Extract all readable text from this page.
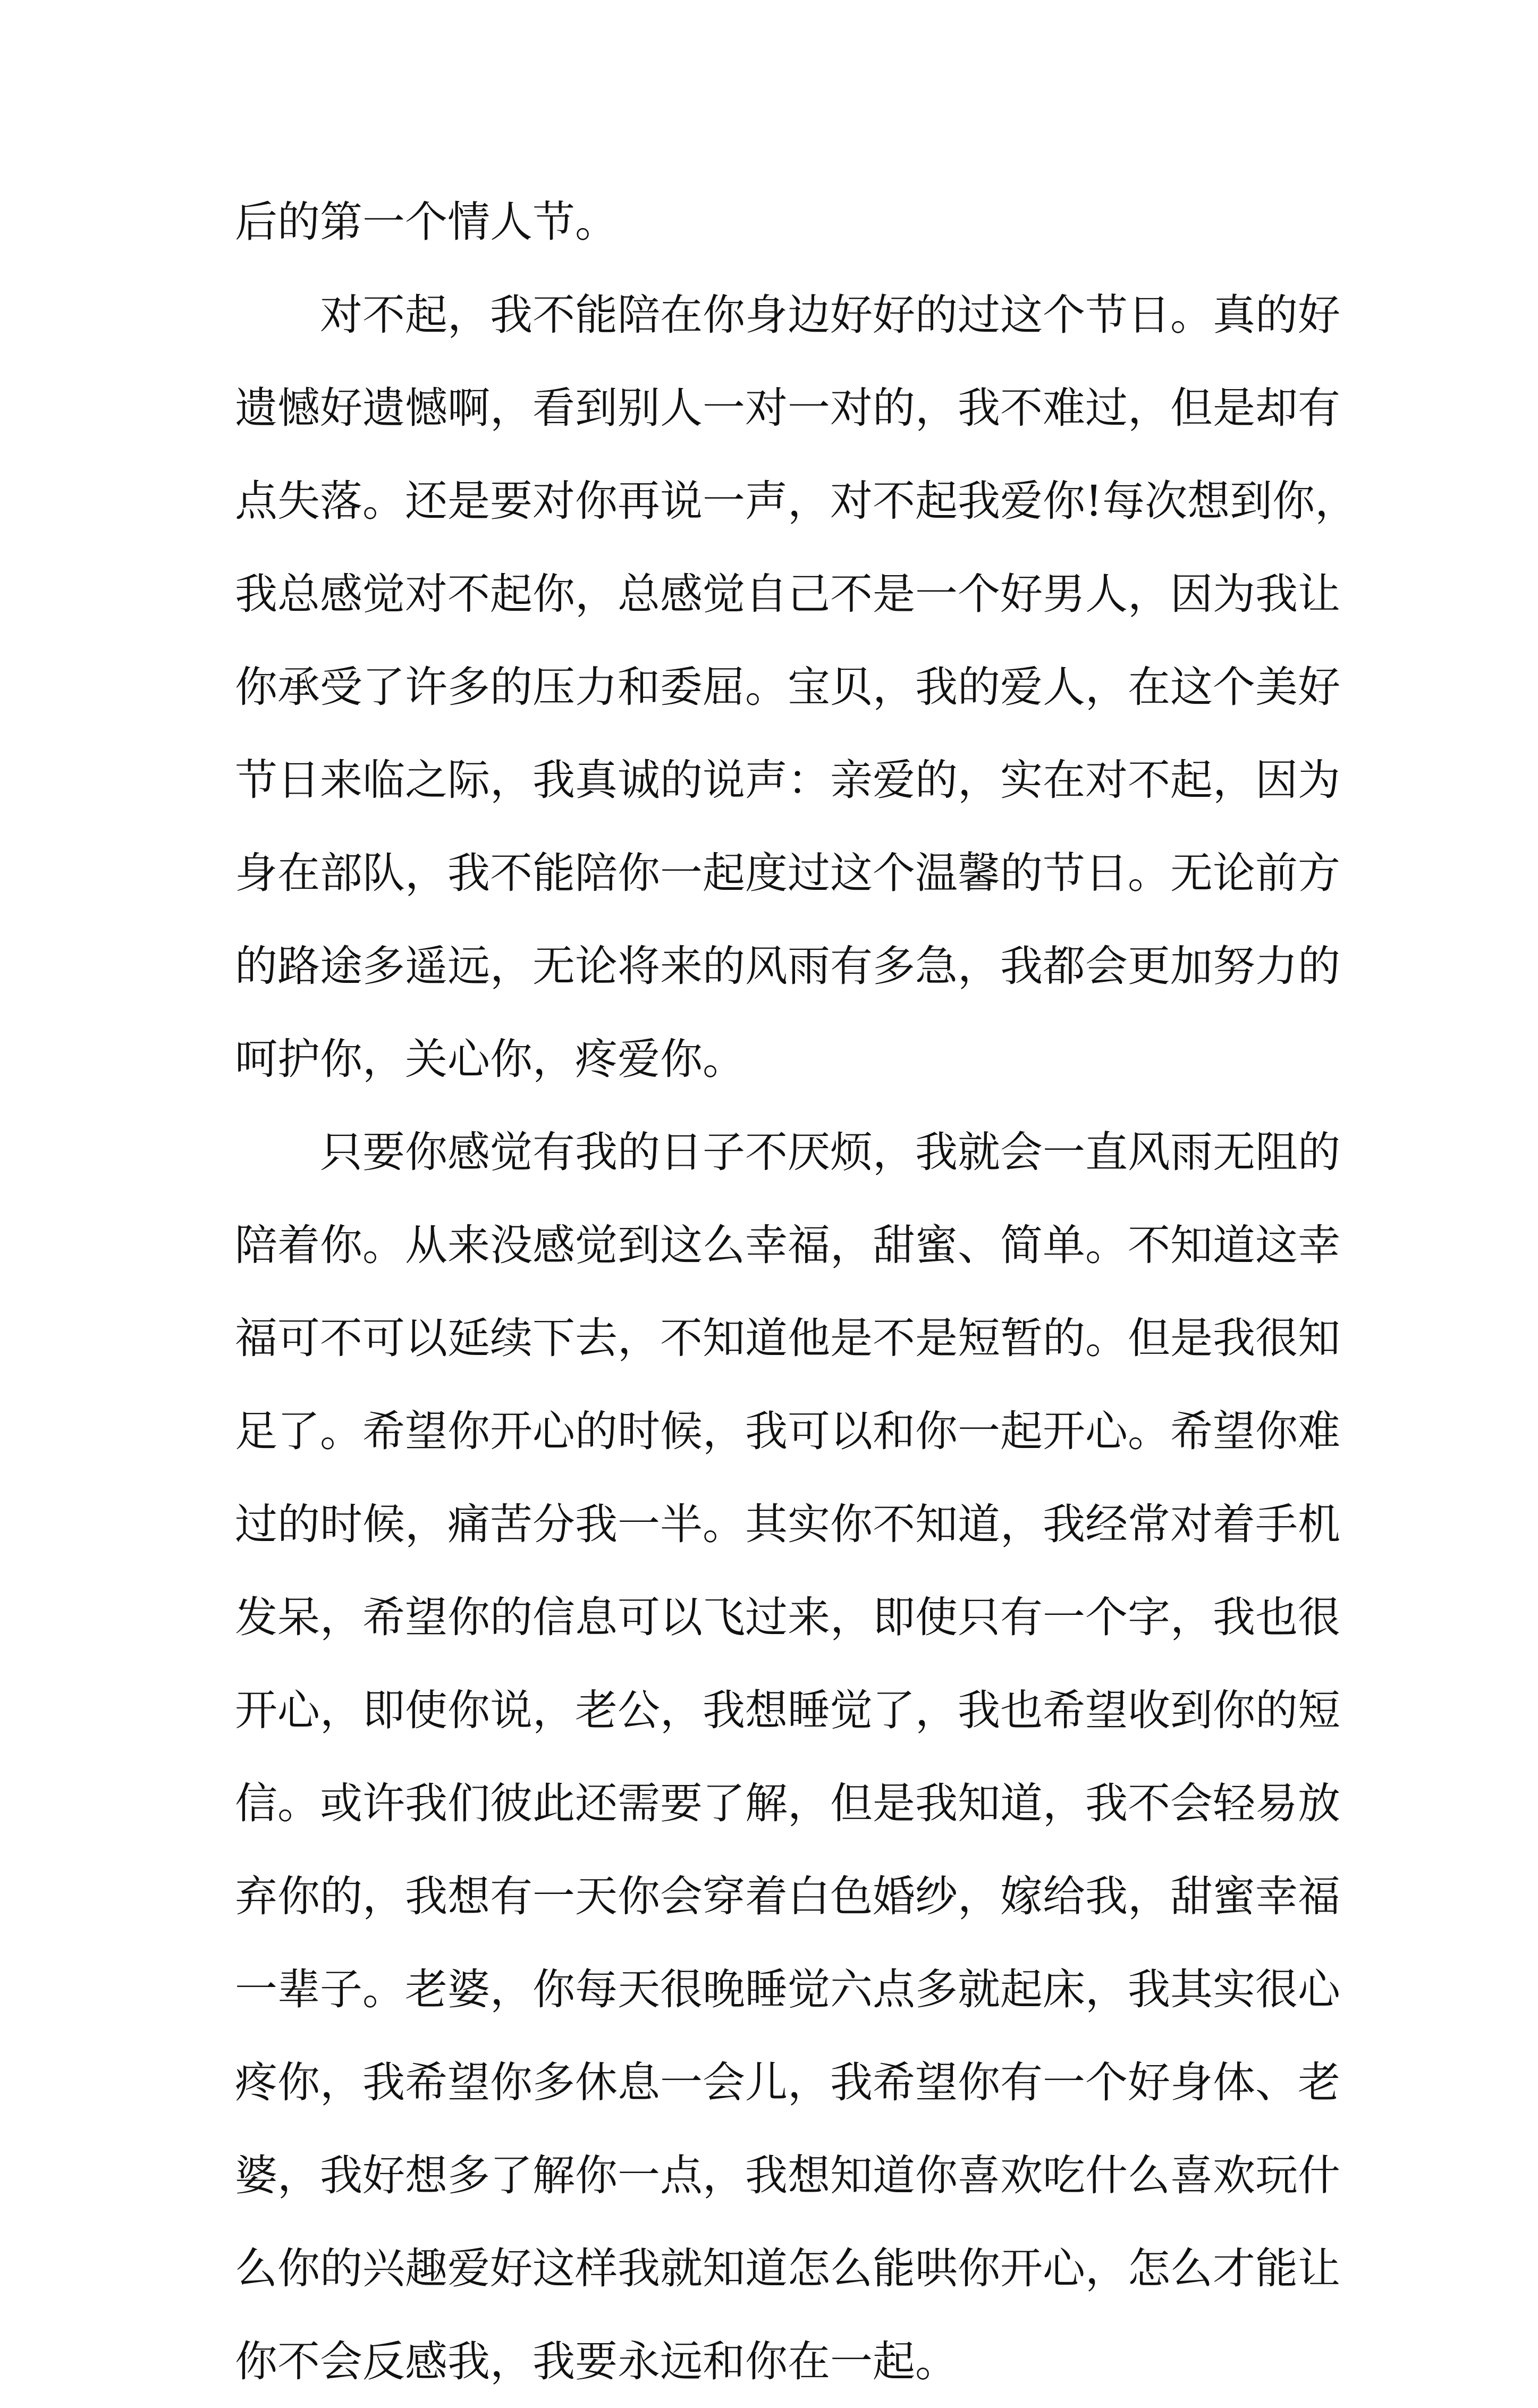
后的第一个情人节。
对不起，我不能陪在你身边好好的过这个节日。真的好
遗憾好遗憾啊，看到别人一对一对的，我不难过，但是却有
点失落。还是要对你再说一声，对不起我爱你!每次想到你，
我总感觉对不起你，总感觉自己不是一个好男人，因为我让
你承受了许多的压力和委屈。宝贝，我的爱人，在这个美好
节日来临之际，我真诚的说声：亲爱的，实在对不起，因为
身在部队，我不能陪你一起度过这个温馨的节日。无论前方
的路途多遥远，无论将来的风雨有多急，我都会更加努力的
呵护你，关心你，疼爱你。
只要你感觉有我的日子不厌烦，我就会一直风雨无阻的
陪着你。从来没感觉到这么幸福，甜蜜、简单。不知道这幸
福可不可以延续下去，不知道他是不是短暂的。但是我很知
足了。希望你开心的时候，我可以和你一起开心。希望你难
过的时候，痛苦分我一半。其实你不知道，我经常对着手机
发呆，希望你的信息可以飞过来，即使只有一个字，我也很
开心，即使你说，老公，我想睡觉了，我也希望收到你的短
信。或许我们彼此还需要了解，但是我知道，我不会轻易放
弃你的，我想有一天你会穿着白色婚纱，嫁给我，甜蜜幸福
一辈子。老婆，你每天很晚睡觉六点多就起床，我其实很心
疼你，我希望你多休息一会儿，我希望你有一个好身体、老
婆，我好想多了解你一点，我想知道你喜欢吃什么喜欢玩什
么你的兴趣爱好这样我就知道怎么能哄你开心，怎么才能让
你不会反感我，我要永远和你在一起。
